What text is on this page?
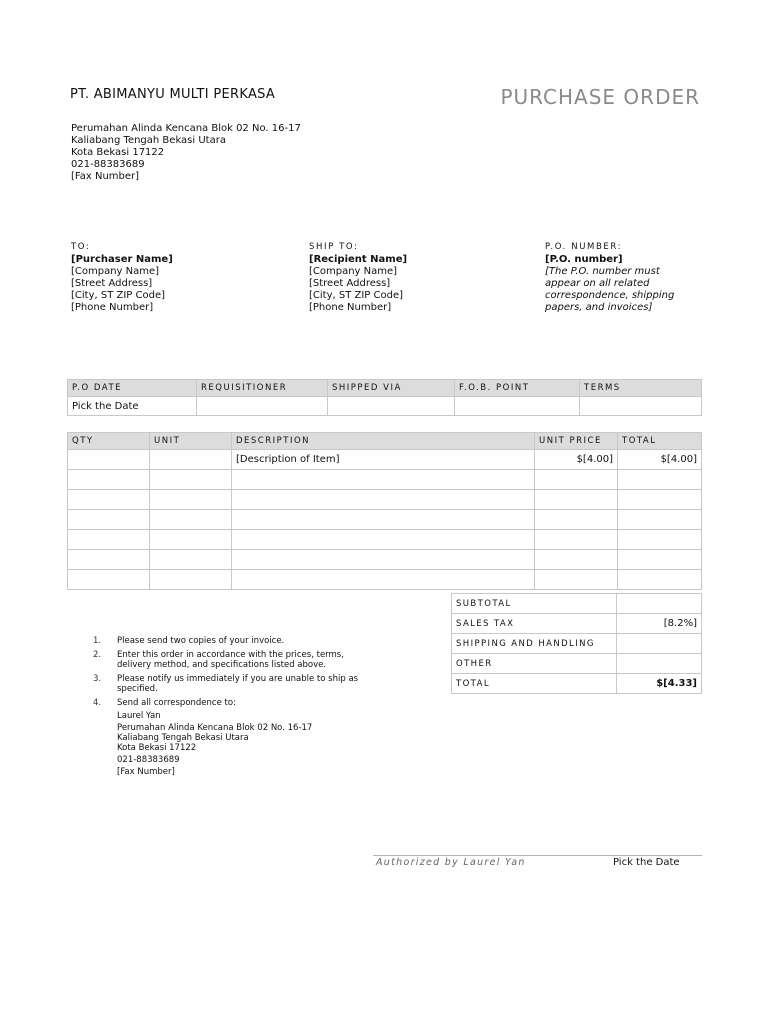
PT. ABIMANYU MULTI PERKASA	PURCHASE ORDER
Perumahan Alinda Kencana Blok 02 No. 16-17
Kaliabang Tengah Bekasi Utara
Kota Bekasi 17122
021-88383689
[Fax Number]
TO:
[Purchaser Name]
[Company Name]
[Street Address]
[City, ST ZIP Code]
[Phone Number]
SHIP TO:
[Recipient Name]
[Company Name]
[Street Address]
[City, ST ZIP Code]
[Phone Number]
P.O. NUMBER:
[P.O. number]
[The P.O. number must
appear on all related
correspondence, shipping
papers, and invoices]
P.O DATE	REQUISITIONER	SHIPPED VIA	F.O.B. POINT	TERMS
Pick the Date				
QTY	UNIT	DESCRIPTION	UNIT PRICE	TOTAL
		[Description of Item]	$[4.00]	$[4.00]

SUBTOTAL	
SALES TAX	[8.2%]
SHIPPING AND HANDLING	
OTHER	
TOTAL	$[4.33]
1.	Please send two copies of your invoice.
2.	Enter this order in accordance with the prices, terms,
delivery method, and specifications listed above.
3.	Please notify us immediately if you are unable to ship as
specified.
4.	Send all correspondence to:
Laurel Yan
Perumahan Alinda Kencana Blok 02 No. 16-17
Kaliabang Tengah Bekasi Utara
Kota Bekasi 17122
021-88383689
[Fax Number]
Authorized by Laurel Yan	Pick the Date
